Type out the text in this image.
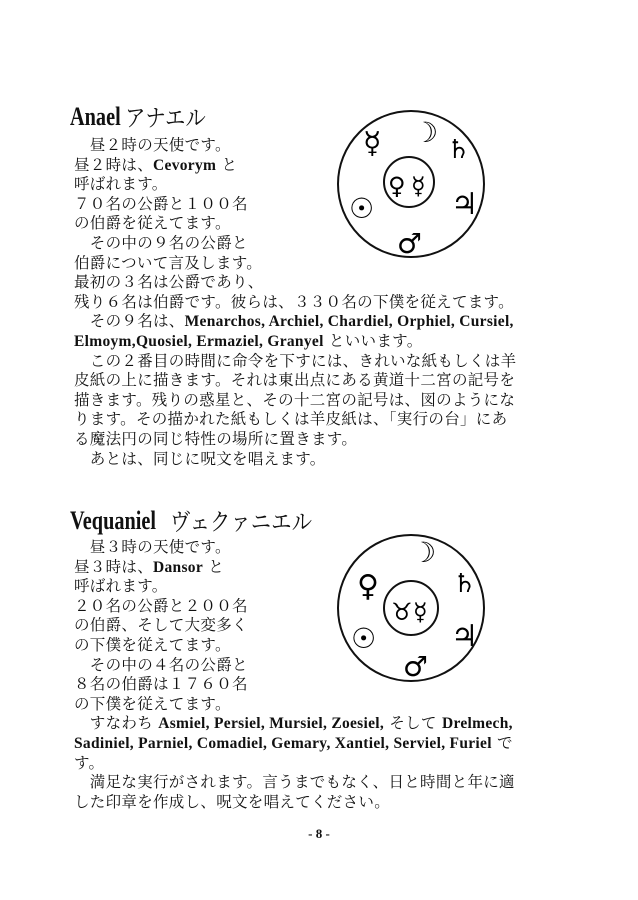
Anael アナエル
　昼２時の天使です。
昼２時は、Cevorym と
呼ばれます。
７０名の公爵と１００名
の伯爵を従えてます。
　その中の９名の公爵と
伯爵について言及します。
最初の３名は公爵であり、
残り６名は伯爵です。彼らは、３３０名の下僕を従えてます。
　その９名は、Menarchos, Archiel, Chardiel, Orphiel, Cursiel,
Elmoym,Quosiel, Ermaziel, Granyel といいます。
　この２番目の時間に命令を下すには、きれいな紙もしくは羊
皮紙の上に描きます。それは東出点にある黄道十二宮の記号を
描きます。残りの惑星と、その十二宮の記号は、図のようにな
ります。その描かれた紙もしくは羊皮紙は、「実行の台」にあ
る魔法円の同じ特性の場所に置きます。
　あとは、同じに呪文を唱えます。
☿ ☽
♄
♃
♂
☉
♀ ☿
Vequaniel ヴェクァニエル
　昼３時の天使です。
昼３時は、Dansor と
呼ばれます。
２０名の公爵と２００名
の伯爵、そして大変多く
の下僕を従えてます。
　その中の４名の公爵と
８名の伯爵は１７６０名
の下僕を従えてます。
　すなわち Asmiel, Persiel, Mursiel, Zoesiel, そして Drelmech,
Sadiniel, Parniel, Comadiel, Gemary, Xantiel, Serviel, Furiel で
す。
　満足な実行がされます。言うまでもなく、日と時間と年に適
した印章を作成し、呪文を唱えてください。
☽
♀	♄
♃
♂
☉
♉ ☿
- 8 -
